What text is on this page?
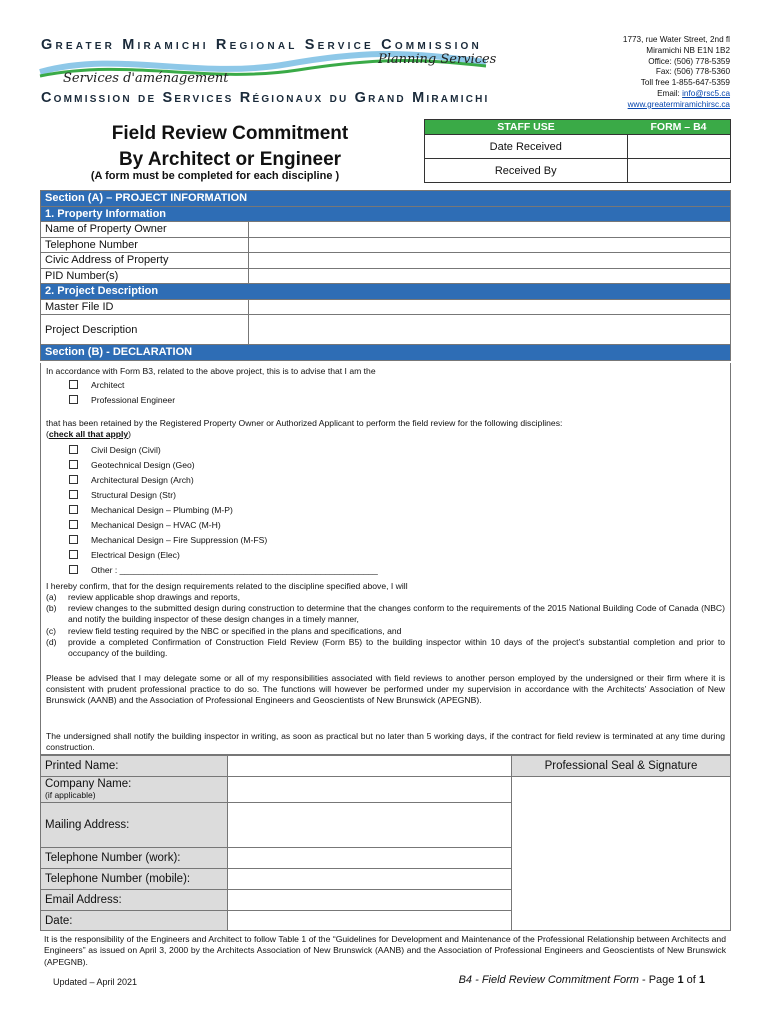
Greater Miramichi Regional Service Commission
Planning Services
Services d'aménagement
Commission de Services Régionaux du Grand Miramichi
1773, rue Water Street, 2nd fl
Miramichi NB E1N 1B2
Office: (506) 778-5359
Fax: (506) 778-5360
Toll free 1-855-647-5359
Email: info@rsc5.ca
www.greatermiramichirsc.ca
Field Review Commitment
By Architect or Engineer
(A form must be completed for each discipline )
STAFF USE	FORM – B4
Date Received	
Received By	
Section (A) – PROJECT INFORMATION	
1. Property Information	
Name of Property Owner	
Telephone Number	
Civic Address of Property	
PID Number(s)	
2. Project Description	
Master File ID	
Project Description	
Section (B) - DECLARATION	
In accordance with Form B3, related to the above project, this is to advise that I am the
Architect
Professional Engineer
that has been retained by the Registered Property Owner or Authorized Applicant to perform the field review for the following disciplines:
(check all that apply)
Civil Design (Civil)
Geotechnical Design (Geo)
Architectural Design (Arch)
Structural Design (Str)
Mechanical Design – Plumbing (M-P)
Mechanical Design – HVAC (M-H)
Mechanical Design – Fire Suppression (M-FS)
Electrical Design (Elec)
Other : ______________________________________________________
I hereby confirm, that for the design requirements related to the discipline specified above, I will
(a) review applicable shop drawings and reports,
(b) review changes to the submitted design during construction to determine that the changes conform to the requirements of the 2015 National Building Code of Canada (NBC) and notify the building inspector of these design changes in a timely manner,
(c) review field testing required by the NBC or specified in the plans and specifications, and
(d) provide a completed Confirmation of Construction Field Review (Form B5) to the building inspector within 10 days of the project’s substantial completion and prior to occupancy of the building.
Please be advised that I may delegate some or all of my responsibilities associated with field reviews to another person employed by the undersigned or their firm where it is consistent with prudent professional practice to do so. The functions will however be performed under my supervision in accordance with the Architects’ Association of New Brunswick (AANB) and the Association of Professional Engineers and Geoscientists of New Brunswick (APEGNB).
The undersigned shall notify the building inspector in writing, as soon as practical but no later than 5 working days, if the contract for field review is terminated at any time during construction.
Printed Name:		Professional Seal & Signature

Company Name:
(if applicable)		

Mailing Address:		
Telephone Number (work):		
Telephone Number (mobile):		
Email Address:		
Date:		
It is the responsibility of the Engineers and Architect to follow Table 1 of the “Guidelines for Development and Maintenance of the Professional Relationship between Architects and Engineers” as issued on April 3, 2000 by the Architects Association of New Brunswick (AANB) and the Association of Professional Engineers and Geoscientists of New Brunswick (APEGNB).
Updated – April 2021	B4 - Field Review Commitment Form - Page 1 of 1
